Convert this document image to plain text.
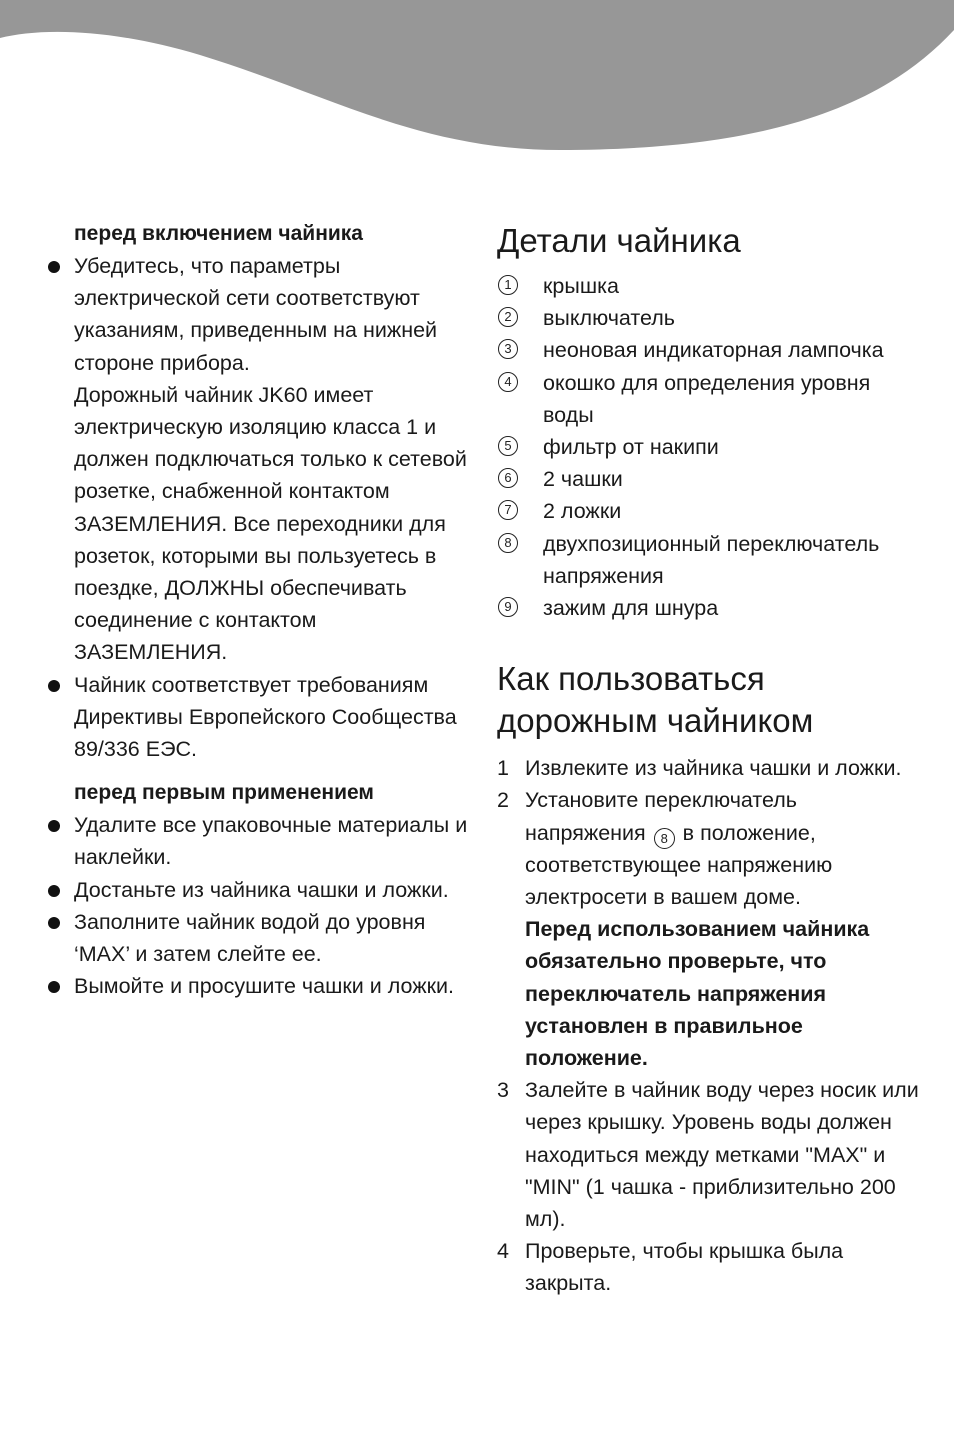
перед включением чайника
Убедитесь, что параметры электрической сети соответствуют указаниям, приведенным на нижней стороне прибора.
Дорожный чайник JK60 имеет электрическую изоляцию класса 1 и должен подключаться только к сетевой розетке, снабженной контактом ЗАЗЕМЛЕНИЯ. Все переходники для розеток, которыми вы пользуетесь в поездке, ДОЛЖНЫ обеспечивать соединение с контактом ЗАЗЕМЛЕНИЯ.
Чайник соответствует требованиям Директивы Европейского Сообщества 89/336 ЕЭС.
перед первым применением
Удалите все упаковочные материалы и наклейки.
Достаньте из чайника чашки и ложки.
Заполните чайник водой до уровня ‘MAX’ и затем слейте ее.
Вымойте и просушите чашки и ложки.
Детали чайника
1 крышка
2 выключатель
3 неоновая индикаторная лампочка
4 окошко для определения уровня воды
5 фильтр от накипи
6 2 чашки
7 2 ложки
8 двухпозиционный переключатель напряжения
9 зажим для шнура
Как пользоваться
дорожным чайником
1 Извлеките из чайника чашки и ложки.
2 Установите переключатель напряжения 8 в положение, соответствующее напряжению электросети в вашем доме.
Перед использованием чайника обязательно проверьте, что переключатель напряжения установлен в правильное положение.
3 Залейте в чайник воду через носик или через крышку. Уровень воды должен находиться между метками "MAX" и "MIN" (1 чашка - приблизительно 200 мл).
4 Проверьте, чтобы крышка была закрыта.
